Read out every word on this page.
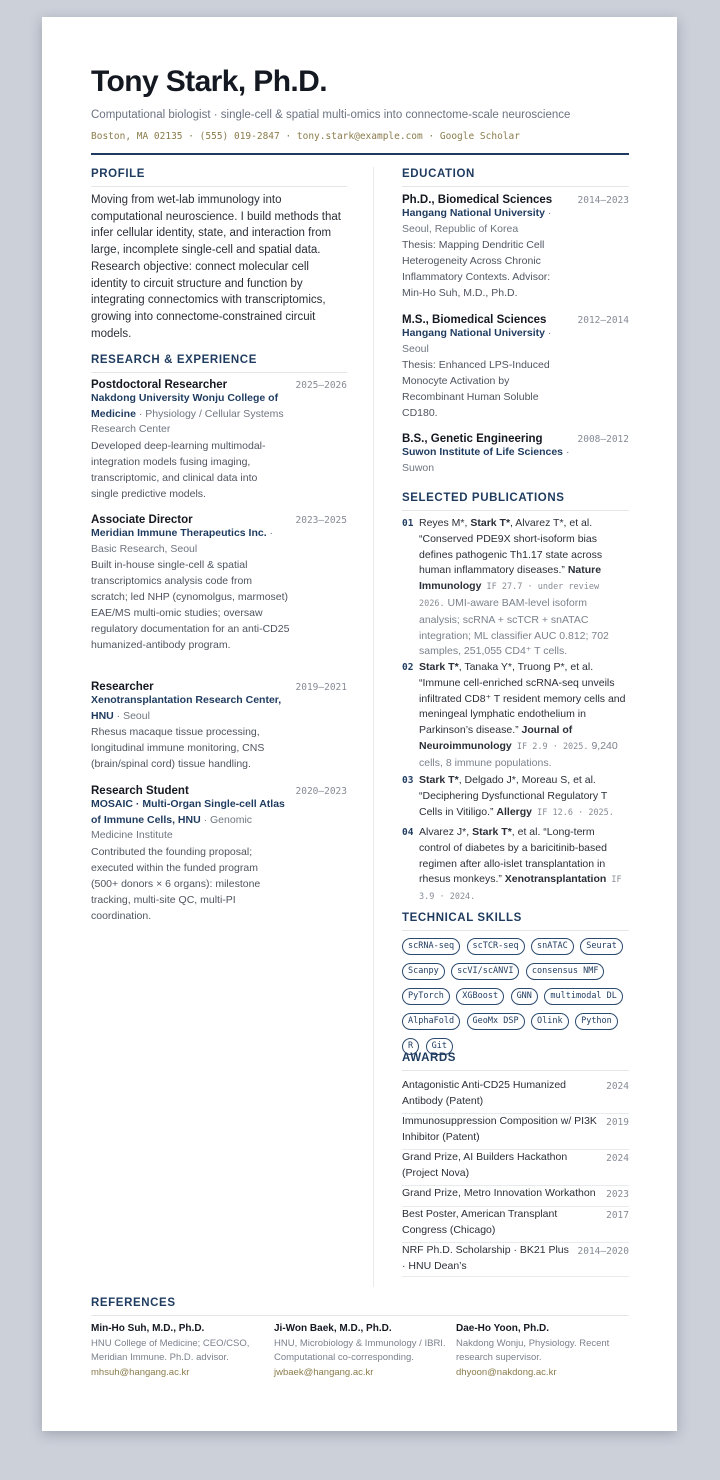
Tony Stark, Ph.D.
Computational biologist · single-cell & spatial multi-omics into connectome-scale neuroscience
Boston, MA 02135 · (555) 019-2847 · tony.stark@example.com · Google Scholar
PROFILE
Moving from wet-lab immunology into computational neuroscience. I build methods that infer cellular identity, state, and interaction from large, incomplete single-cell and spatial data. Research objective: connect molecular cell identity to circuit structure and function by integrating connectomics with transcriptomics, growing into connectome-constrained circuit models.
RESEARCH & EXPERIENCE
Postdoctoral Researcher	2025–2026
Nakdong University Wonju College of Medicine · Physiology / Cellular Systems Research Center
Developed deep-learning multimodal-integration models fusing imaging, transcriptomic, and clinical data into single predictive models.
Associate Director	2023–2025
Meridian Immune Therapeutics Inc. · Basic Research, Seoul
Built in-house single-cell & spatial transcriptomics analysis code from scratch; led NHP (cynomolgus, marmoset) EAE/MS multi-omic studies; oversaw regulatory documentation for an anti-CD25 humanized-antibody program.
Researcher	2019–2021
Xenotransplantation Research Center, HNU · Seoul
Rhesus macaque tissue processing, longitudinal immune monitoring, CNS (brain/spinal cord) tissue handling.
Research Student	2020–2023
MOSAIC · Multi-Organ Single-cell Atlas of Immune Cells, HNU · Genomic Medicine Institute
Contributed the founding proposal; executed within the funded program (500+ donors × 6 organs): milestone tracking, multi-site QC, multi-PI coordination.
EDUCATION
Ph.D., Biomedical Sciences	2014–2023
Hangang National University · Seoul, Republic of Korea
Thesis: Mapping Dendritic Cell Heterogeneity Across Chronic Inflammatory Contexts. Advisor: Min-Ho Suh, M.D., Ph.D.
M.S., Biomedical Sciences	2012–2014
Hangang National University · Seoul
Thesis: Enhanced LPS-Induced Monocyte Activation by Recombinant Human Soluble CD180.
B.S., Genetic Engineering	2008–2012
Suwon Institute of Life Sciences · Suwon
SELECTED PUBLICATIONS
01 Reyes M*, Stark T*, Alvarez T*, et al. “Conserved PDE9X short-isoform bias defines pathogenic Th1.17 state across human inflammatory diseases.” Nature Immunology IF 27.7 · under review 2026. UMI-aware BAM-level isoform analysis; scRNA + scTCR + snATAC integration; ML classifier AUC 0.812; 702 samples, 251,055 CD4⁺ T cells.
02 Stark T*, Tanaka Y*, Truong P*, et al. “Immune cell-enriched scRNA-seq unveils infiltrated CD8⁺ T resident memory cells and meningeal lymphatic endothelium in Parkinson’s disease.” Journal of Neuroimmunology IF 2.9 · 2025. 9,240 cells, 8 immune populations.
03 Stark T*, Delgado J*, Moreau S, et al. “Deciphering Dysfunctional Regulatory T Cells in Vitiligo.” Allergy IF 12.6 · 2025.
04 Alvarez J*, Stark T*, et al. “Long-term control of diabetes by a baricitinib-based regimen after allo-islet transplantation in rhesus monkeys.” Xenotransplantation IF 3.9 · 2024.
TECHNICAL SKILLS
scRNA-seq scTCR-seq snATAC Seurat Scanpy scVI/scANVI consensus NMF PyTorch XGBoost GNN multimodal DL AlphaFold GeoMx DSP Olink Python R Git
AWARDS
Antagonistic Anti-CD25 Humanized Antibody (Patent)
2024
Immunosuppression Composition w/ PI3K Inhibitor (Patent)
2019
Grand Prize, AI Builders Hackathon (Project Nova)
2024
Grand Prize, Metro Innovation Workathon	2023
Best Poster, American Transplant Congress (Chicago)
2017
NRF Ph.D. Scholarship · BK21 Plus · HNU Dean’s
2014–2020
REFERENCES
Min-Ho Suh, M.D., Ph.D.
HNU College of Medicine; CEO/CSO, Meridian Immune. Ph.D. advisor.
mhsuh@hangang.ac.kr
Ji-Won Baek, M.D., Ph.D.
HNU, Microbiology & Immunology / IBRI. Computational co-corresponding.
jwbaek@hangang.ac.kr
Dae-Ho Yoon, Ph.D.
Nakdong Wonju, Physiology. Recent research supervisor.
dhyoon@nakdong.ac.kr
